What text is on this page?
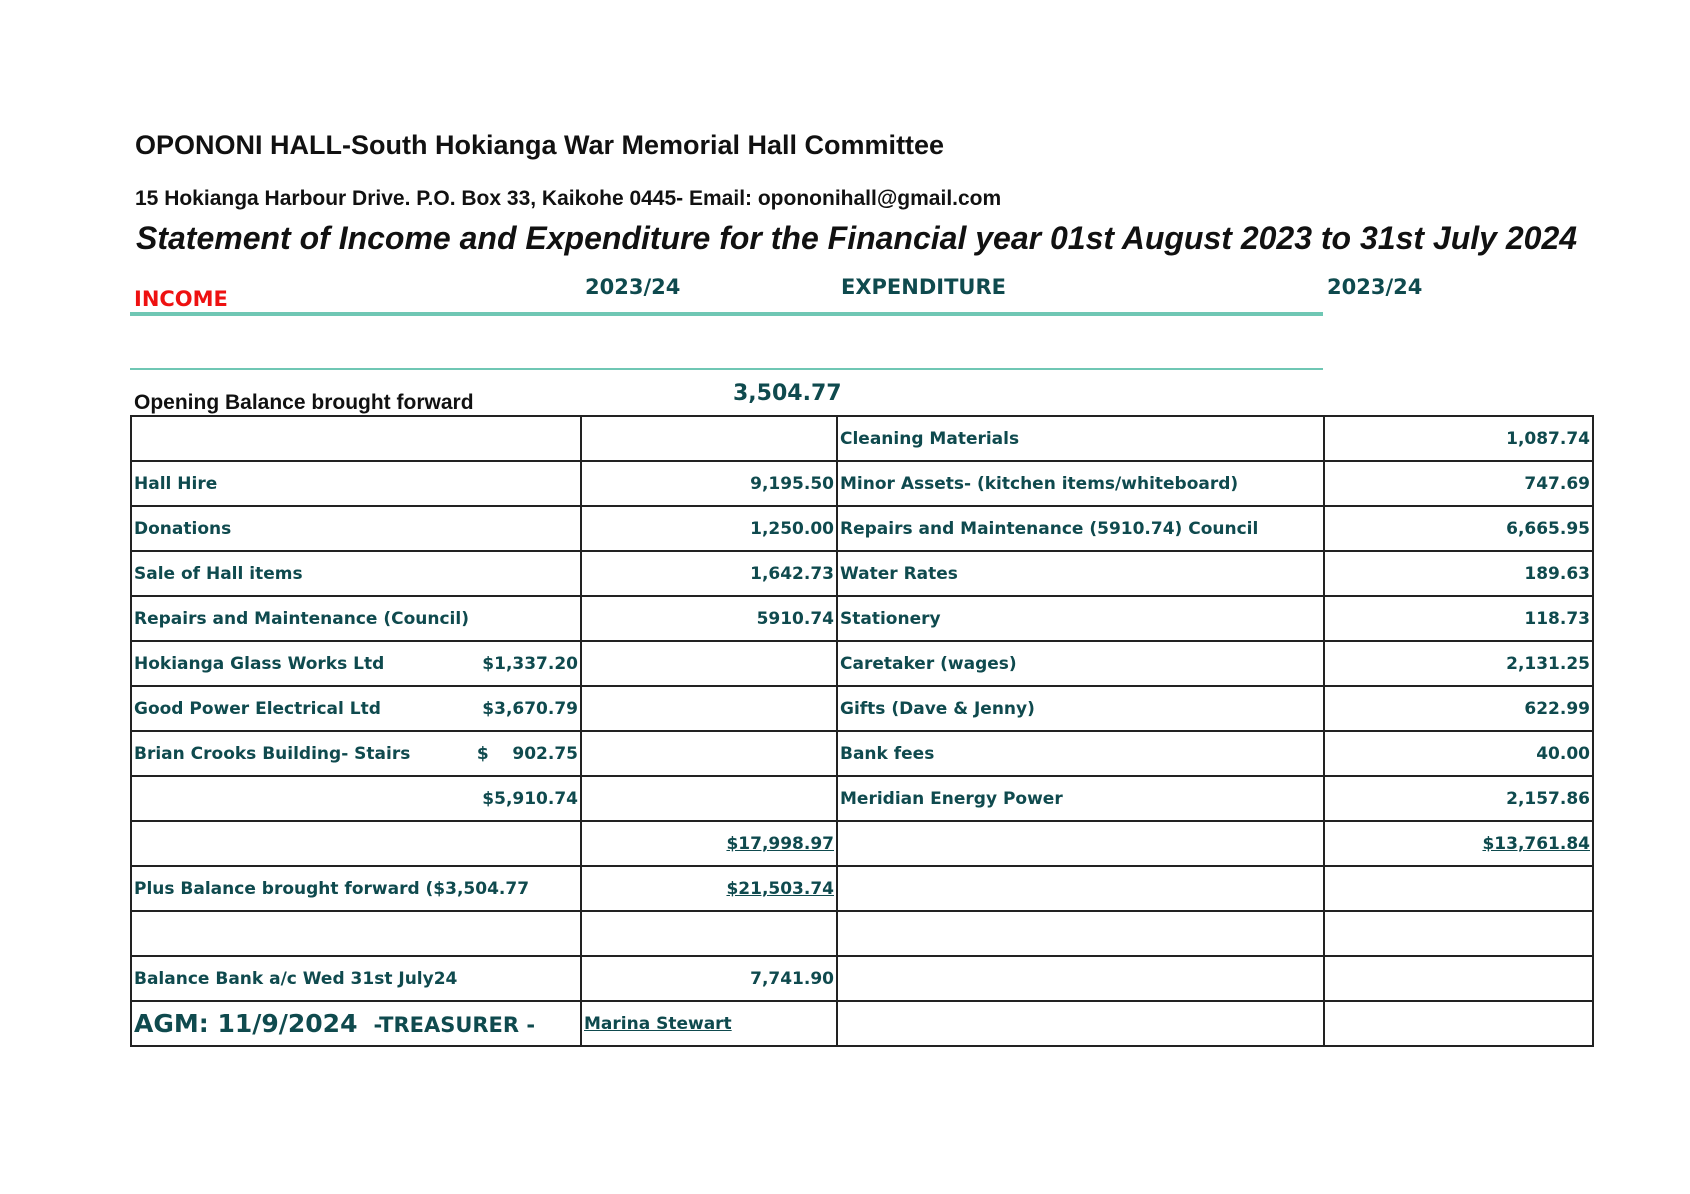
OPONONI HALL-South Hokianga War Memorial Hall Committee
15 Hokianga Harbour Drive. P.O. Box 33, Kaikohe 0445- Email: opononihall@gmail.com
Statement of Income and Expenditure for the Financial year 01st August 2023 to 31st July 2024
INCOME	2023/24	EXPENDITURE	2023/24
Opening Balance brought forward	3,504.77
		Cleaning Materials	1,087.74

Hall Hire	9,195.50	Minor Assets- (kitchen items/whiteboard)	747.69

Donations	1,250.00	Repairs and Maintenance (5910.74) Council	6,665.95

Sale of Hall items	1,642.73	Water Rates	189.63

Repairs and Maintenance (Council)	5910.74	Stationery	118.73

Hokianga Glass Works Ltd $1,337.20		Caretaker (wages)	2,131.25

Good Power Electrical Ltd $3,670.79		Gifts (Dave & Jenny)	622.99

Brian Crooks Building- Stairs $    902.75		Bank fees	40.00

$5,910.74		Meridian Energy Power	2,157.86
	$17,998.97		$13,761.84
Plus Balance brought forward ($3,504.77	$21,503.74		

Balance Bank a/c Wed 31st July24	7,741.90		
AGM: 11/9/2024 -TREASURER -	Marina Stewart		
